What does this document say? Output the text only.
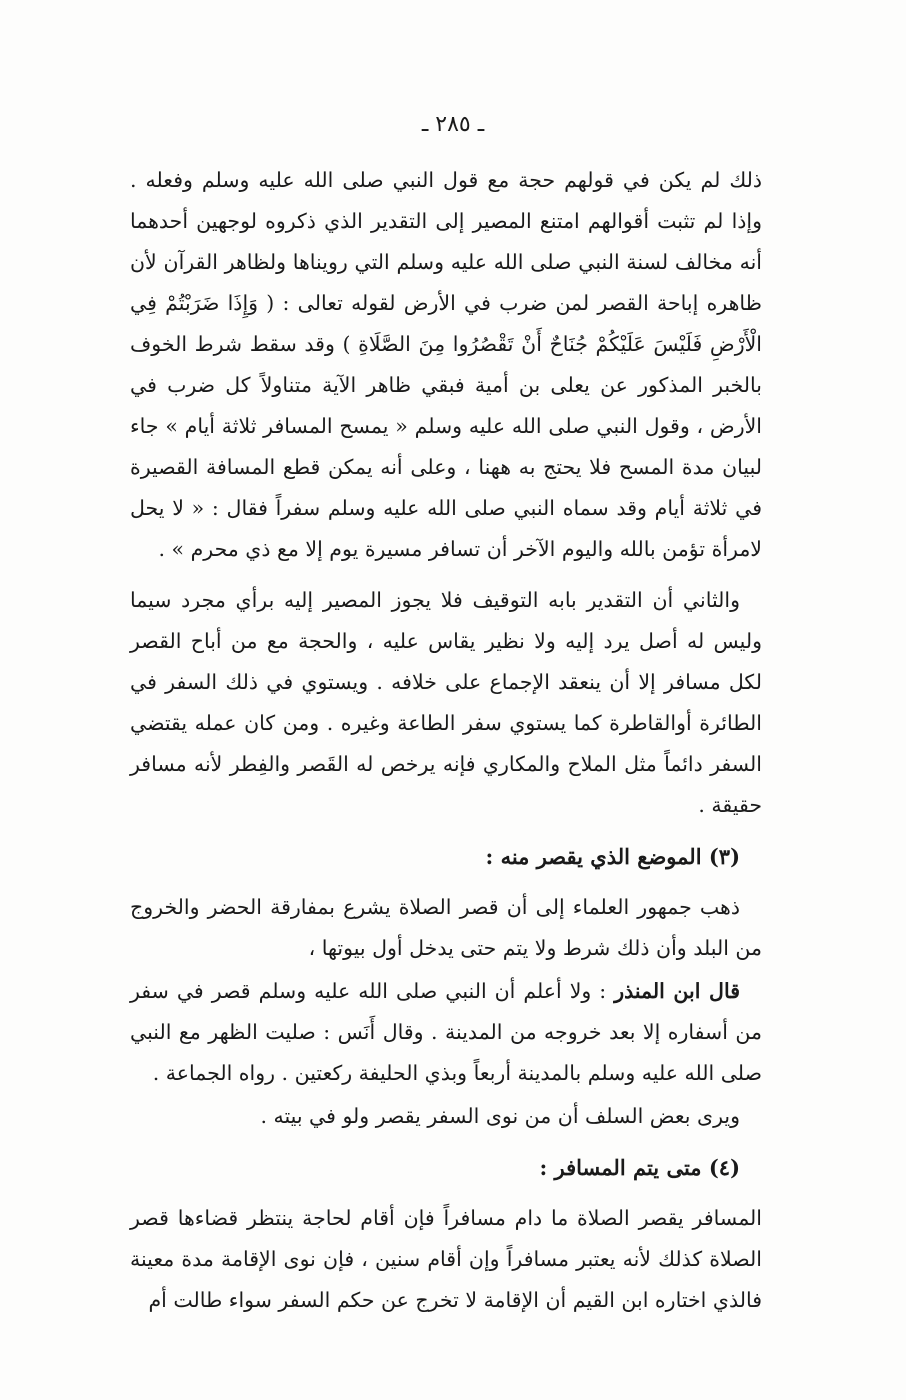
ـ ٢٨٥ ـ

ذلك لم يكن في قولهم حجة مع قول النبي صلى الله عليه وسلم وفعله . وإذا لم تثبت أقوالهم امتنع المصير إلى التقدير الذي ذكروه لوجهين أحدهما أنه مخالف لسنة النبي صلى الله عليه وسلم التي رويناها ولظاهر القرآن لأن ظاهره إباحة القصر لمن ضرب في الأرض لقوله تعالى : ( وَإِذَا ضَرَبْتُمْ فِي الْأَرْضِ فَلَيْسَ عَلَيْكُمْ جُنَاحٌ أَنْ تَقْصُرُوا مِنَ الصَّلَاةِ ) وقد سقط شرط الخوف بالخبر المذكور عن يعلى بن أمية فبقي ظاهر الآية متناولاً كل ضرب في الأرض ، وقول النبي صلى الله عليه وسلم « يمسح المسافر ثلاثة أيام » جاء لبيان مدة المسح فلا يحتج به ههنا ، وعلى أنه يمكن قطع المسافة القصيرة في ثلاثة أيام وقد سماه النبي صلى الله عليه وسلم سفراً فقال : « لا يحل لامرأة تؤمن بالله واليوم الآخر أن تسافر مسيرة يوم إلا مع ذي محرم » .

والثاني أن التقدير بابه التوقيف فلا يجوز المصير إليه برأي مجرد سيما وليس له أصل يرد إليه ولا نظير يقاس عليه ، والحجة مع من أباح القصر لكل مسافر إلا أن ينعقد الإجماع على خلافه . ويستوي في ذلك السفر في الطائرة أوالقاطرة كما يستوي سفر الطاعة وغيره . ومن كان عمله يقتضي السفر دائماً مثل الملاح والمكاري فإنه يرخص له القَصر والفِطر لأنه مسافر حقيقة .

(٣) الموضع الذي يقصر منه :

ذهب جمهور العلماء إلى أن قصر الصلاة يشرع بمفارقة الحضر والخروج من البلد وأن ذلك شرط ولا يتم حتى يدخل أول بيوتها ،

قال ابن المنذر : ولا أعلم أن النبي صلى الله عليه وسلم قصر في سفر من أسفاره إلا بعد خروجه من المدينة . وقال أَنَس : صليت الظهر مع النبي صلى الله عليه وسلم بالمدينة أربعاً وبذي الحليفة ركعتين . رواه الجماعة .

ويرى بعض السلف أن من نوى السفر يقصر ولو في بيته .

(٤) متى يتم المسافر :

المسافر يقصر الصلاة ما دام مسافراً فإن أقام لحاجة ينتظر قضاءها قصر الصلاة كذلك لأنه يعتبر مسافراً وإن أقام سنين ، فإن نوى الإقامة مدة معينة فالذي اختاره ابن القيم أن الإقامة لا تخرج عن حكم السفر سواء طالت أم
